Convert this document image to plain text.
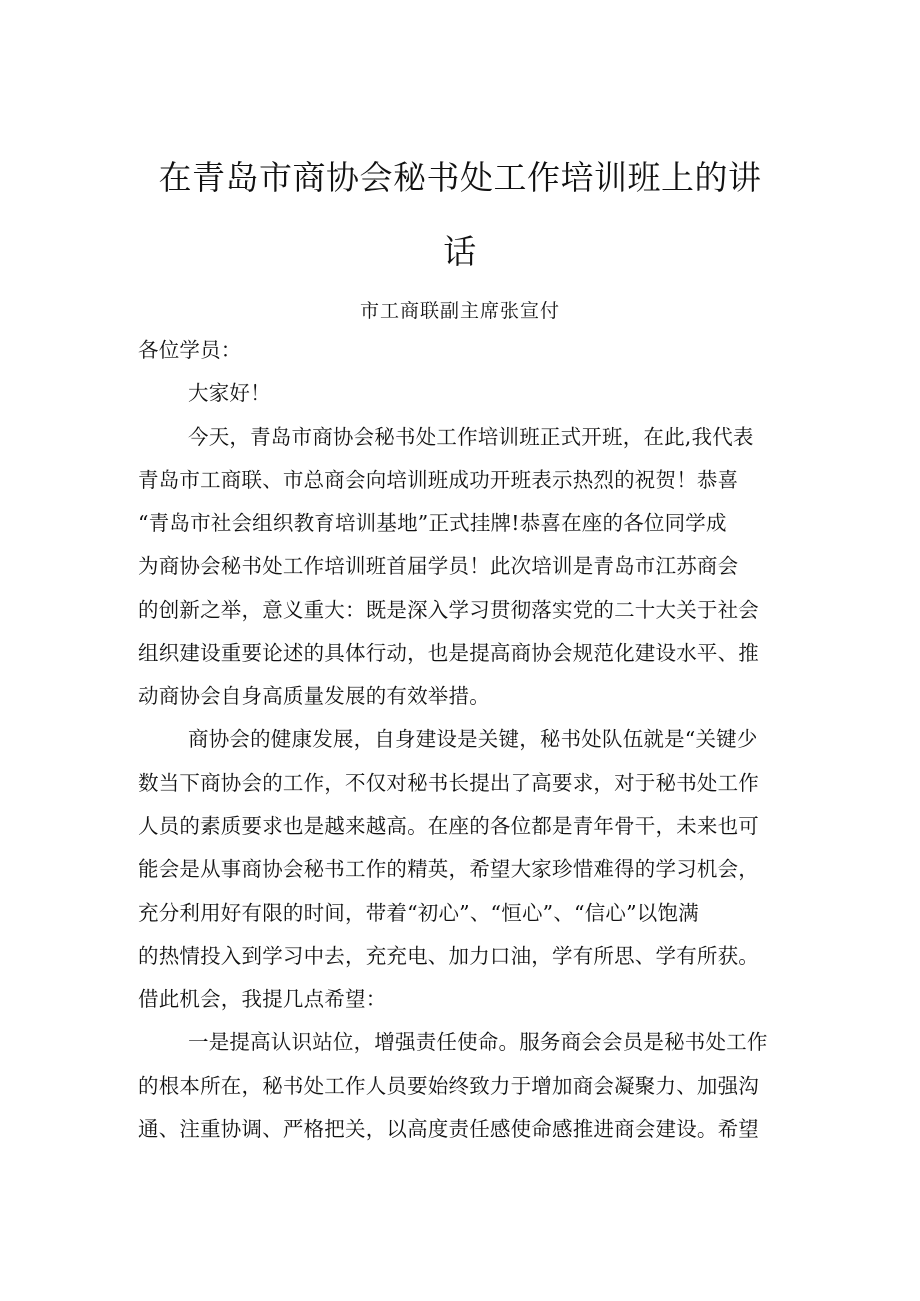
在青岛市商协会秘书处工作培训班上的讲
话
市工商联副主席张宣付
各位学员：
大家好！
今天，青岛市商协会秘书处工作培训班正式开班，在此,我代表
青岛市工商联、市总商会向培训班成功开班表示热烈的祝贺！恭喜
“青岛市社会组织教育培训基地”正式挂牌!恭喜在座的各位同学成
为商协会秘书处工作培训班首届学员！此次培训是青岛市江苏商会
的创新之举，意义重大：既是深入学习贯彻落实党的二十大关于社会
组织建设重要论述的具体行动，也是提高商协会规范化建设水平、推
动商协会自身高质量发展的有效举措。
商协会的健康发展，自身建设是关键，秘书处队伍就是“关键少
数当下商协会的工作，不仅对秘书长提出了高要求，对于秘书处工作
人员的素质要求也是越来越高。在座的各位都是青年骨干，未来也可
能会是从事商协会秘书工作的精英，希望大家珍惜难得的学习机会，
充分利用好有限的时间，带着“初心”、“恒心”、“信心”以饱满
的热情投入到学习中去，充充电、加力口油，学有所思、学有所获。
借此机会，我提几点希望：
一是提高认识站位，增强责任使命。服务商会会员是秘书处工作
的根本所在，秘书处工作人员要始终致力于增加商会凝聚力、加强沟
通、注重协调、严格把关，以高度责任感使命感推进商会建设。希望
